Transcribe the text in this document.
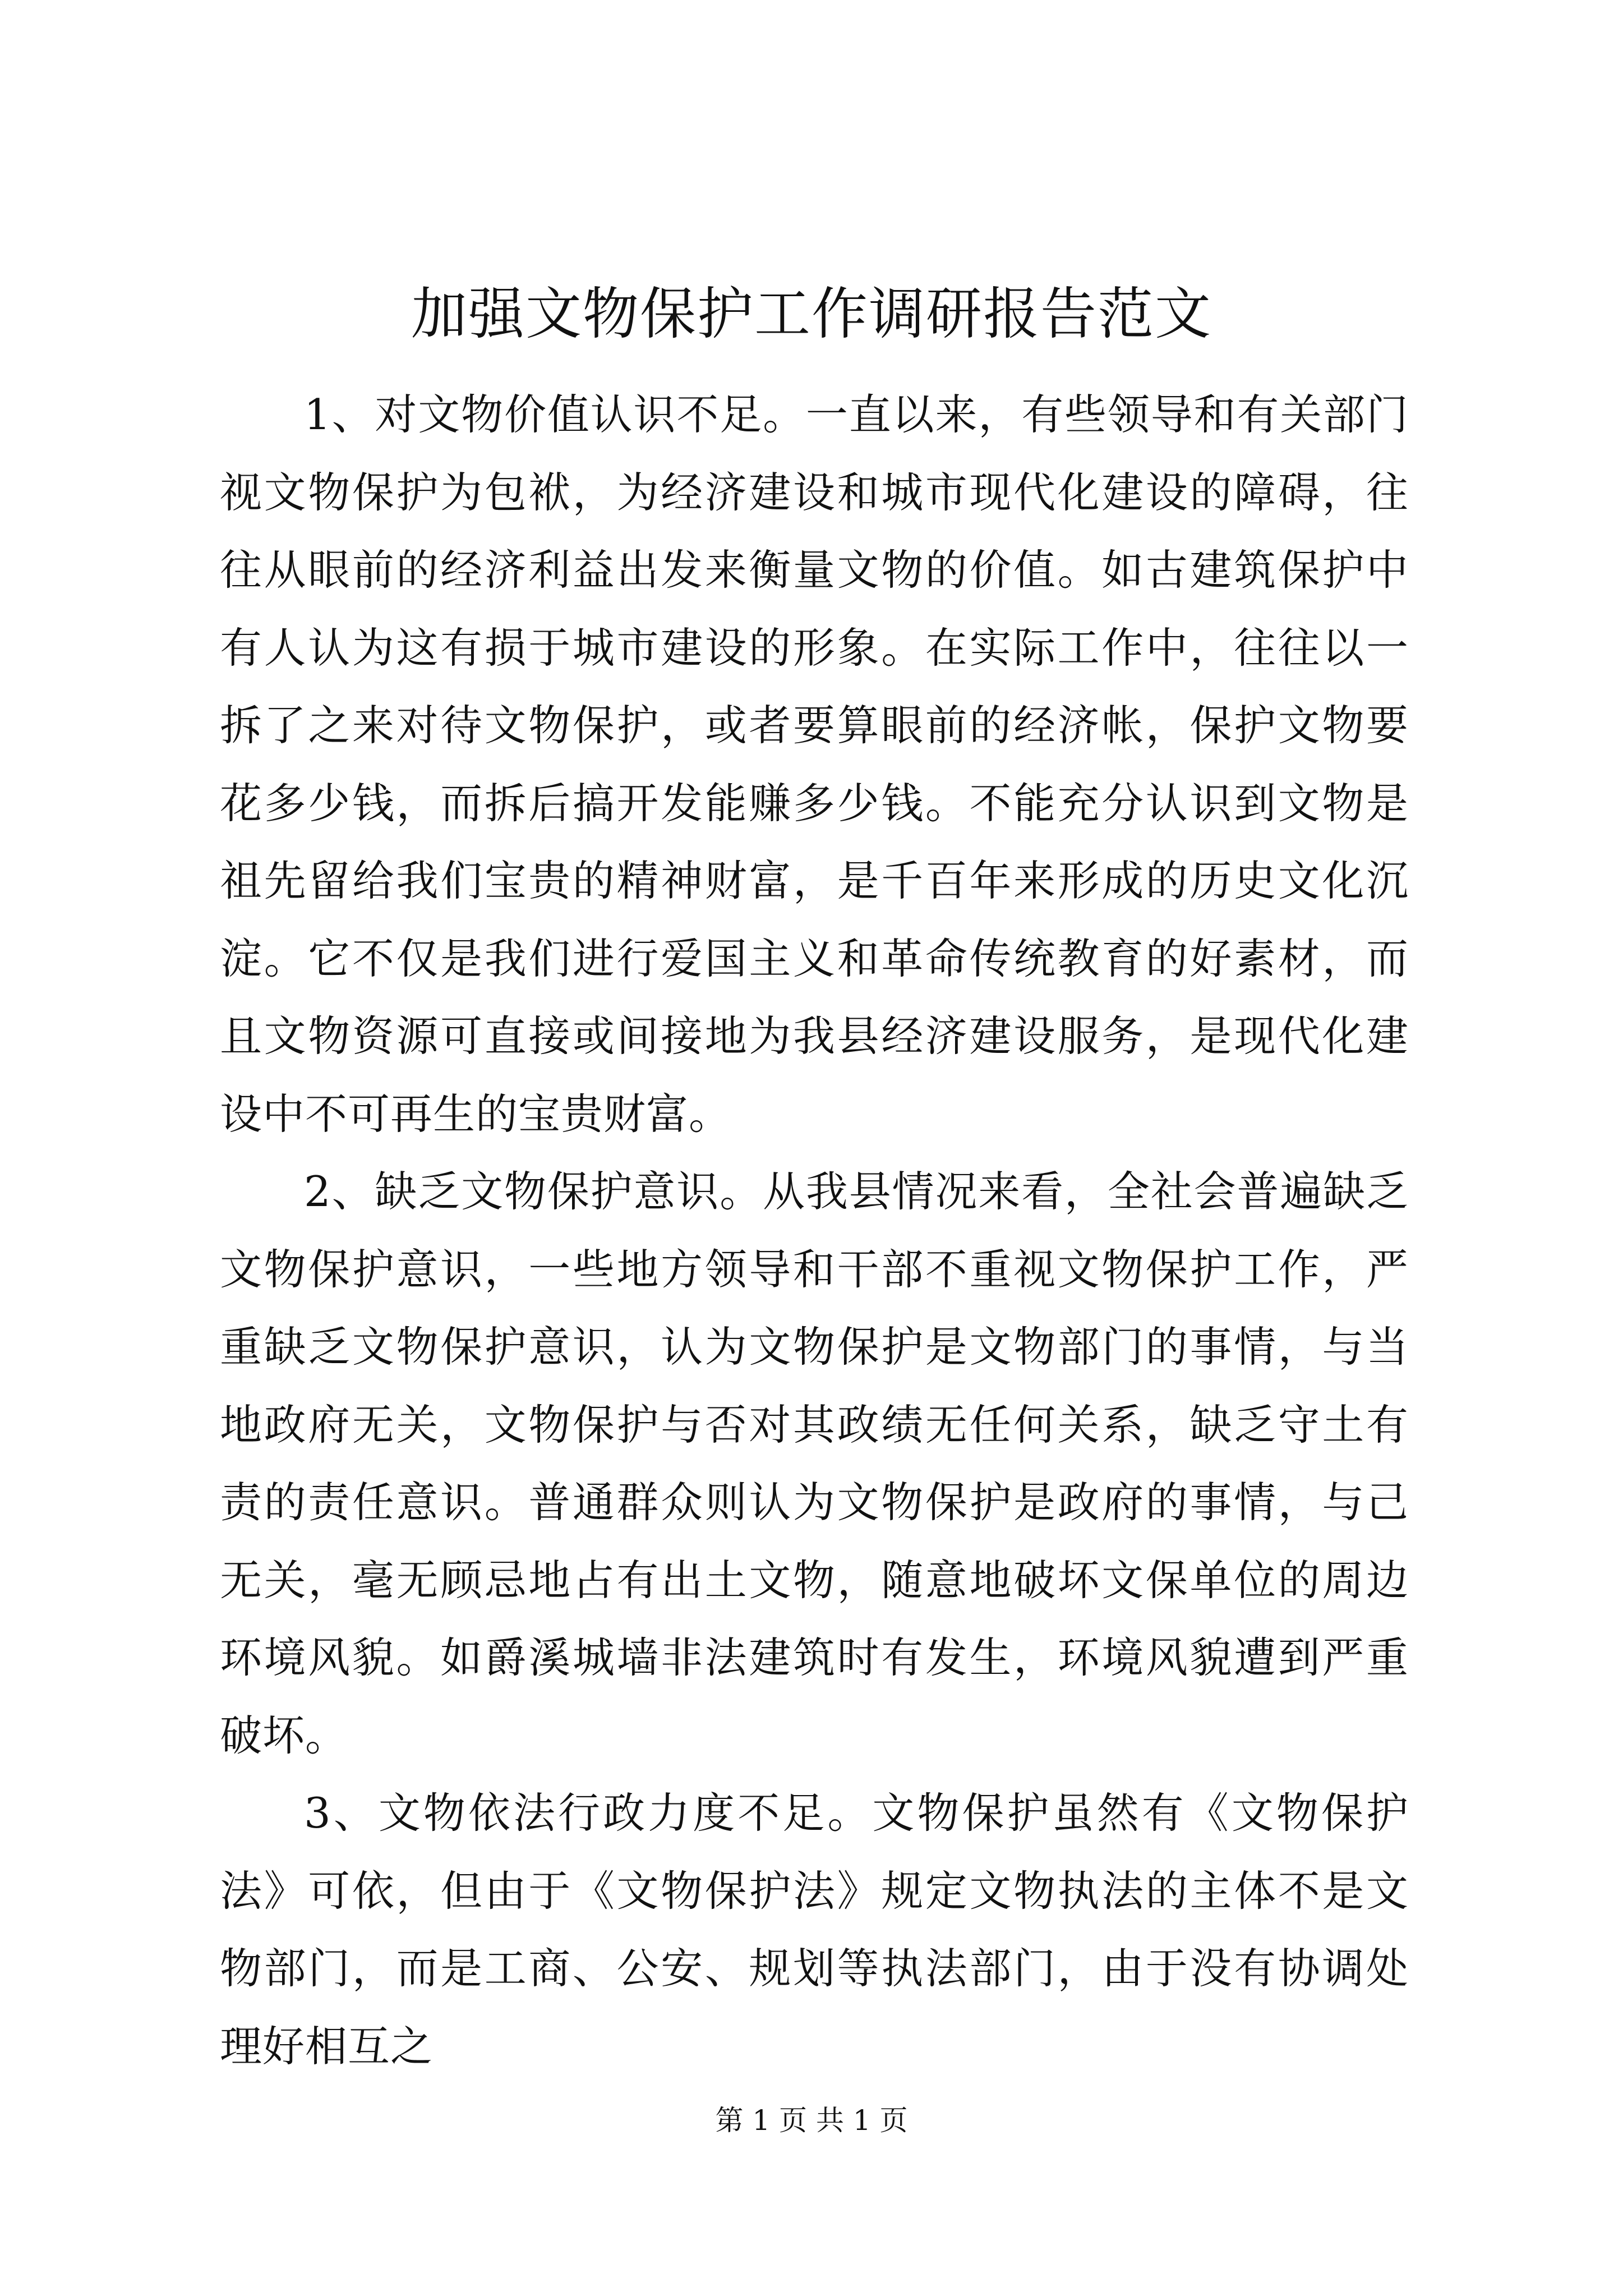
加强文物保护工作调研报告范文

1、对文物价值认识不足。一直以来，有些领导和有关部门视文物保护为包袱，为经济建设和城市现代化建设的障碍，往往从眼前的经济利益出发来衡量文物的价值。如古建筑保护中有人认为这有损于城市建设的形象。在实际工作中，往往以一拆了之来对待文物保护，或者要算眼前的经济帐，保护文物要花多少钱，而拆后搞开发能赚多少钱。不能充分认识到文物是祖先留给我们宝贵的精神财富，是千百年来形成的历史文化沉淀。它不仅是我们进行爱国主义和革命传统教育的好素材，而且文物资源可直接或间接地为我县经济建设服务，是现代化建设中不可再生的宝贵财富。

2、缺乏文物保护意识。从我县情况来看，全社会普遍缺乏文物保护意识，一些地方领导和干部不重视文物保护工作，严重缺乏文物保护意识，认为文物保护是文物部门的事情，与当地政府无关，文物保护与否对其政绩无任何关系，缺乏守土有责的责任意识。普通群众则认为文物保护是政府的事情，与己无关，毫无顾忌地占有出土文物，随意地破坏文保单位的周边环境风貌。如爵溪城墙非法建筑时有发生，环境风貌遭到严重破坏。

3、文物依法行政力度不足。文物保护虽然有《文物保护法》可依，但由于《文物保护法》规定文物执法的主体不是文物部门，而是工商、公安、规划等执法部门，由于没有协调处理好相互之

第 1 页 共 1 页
